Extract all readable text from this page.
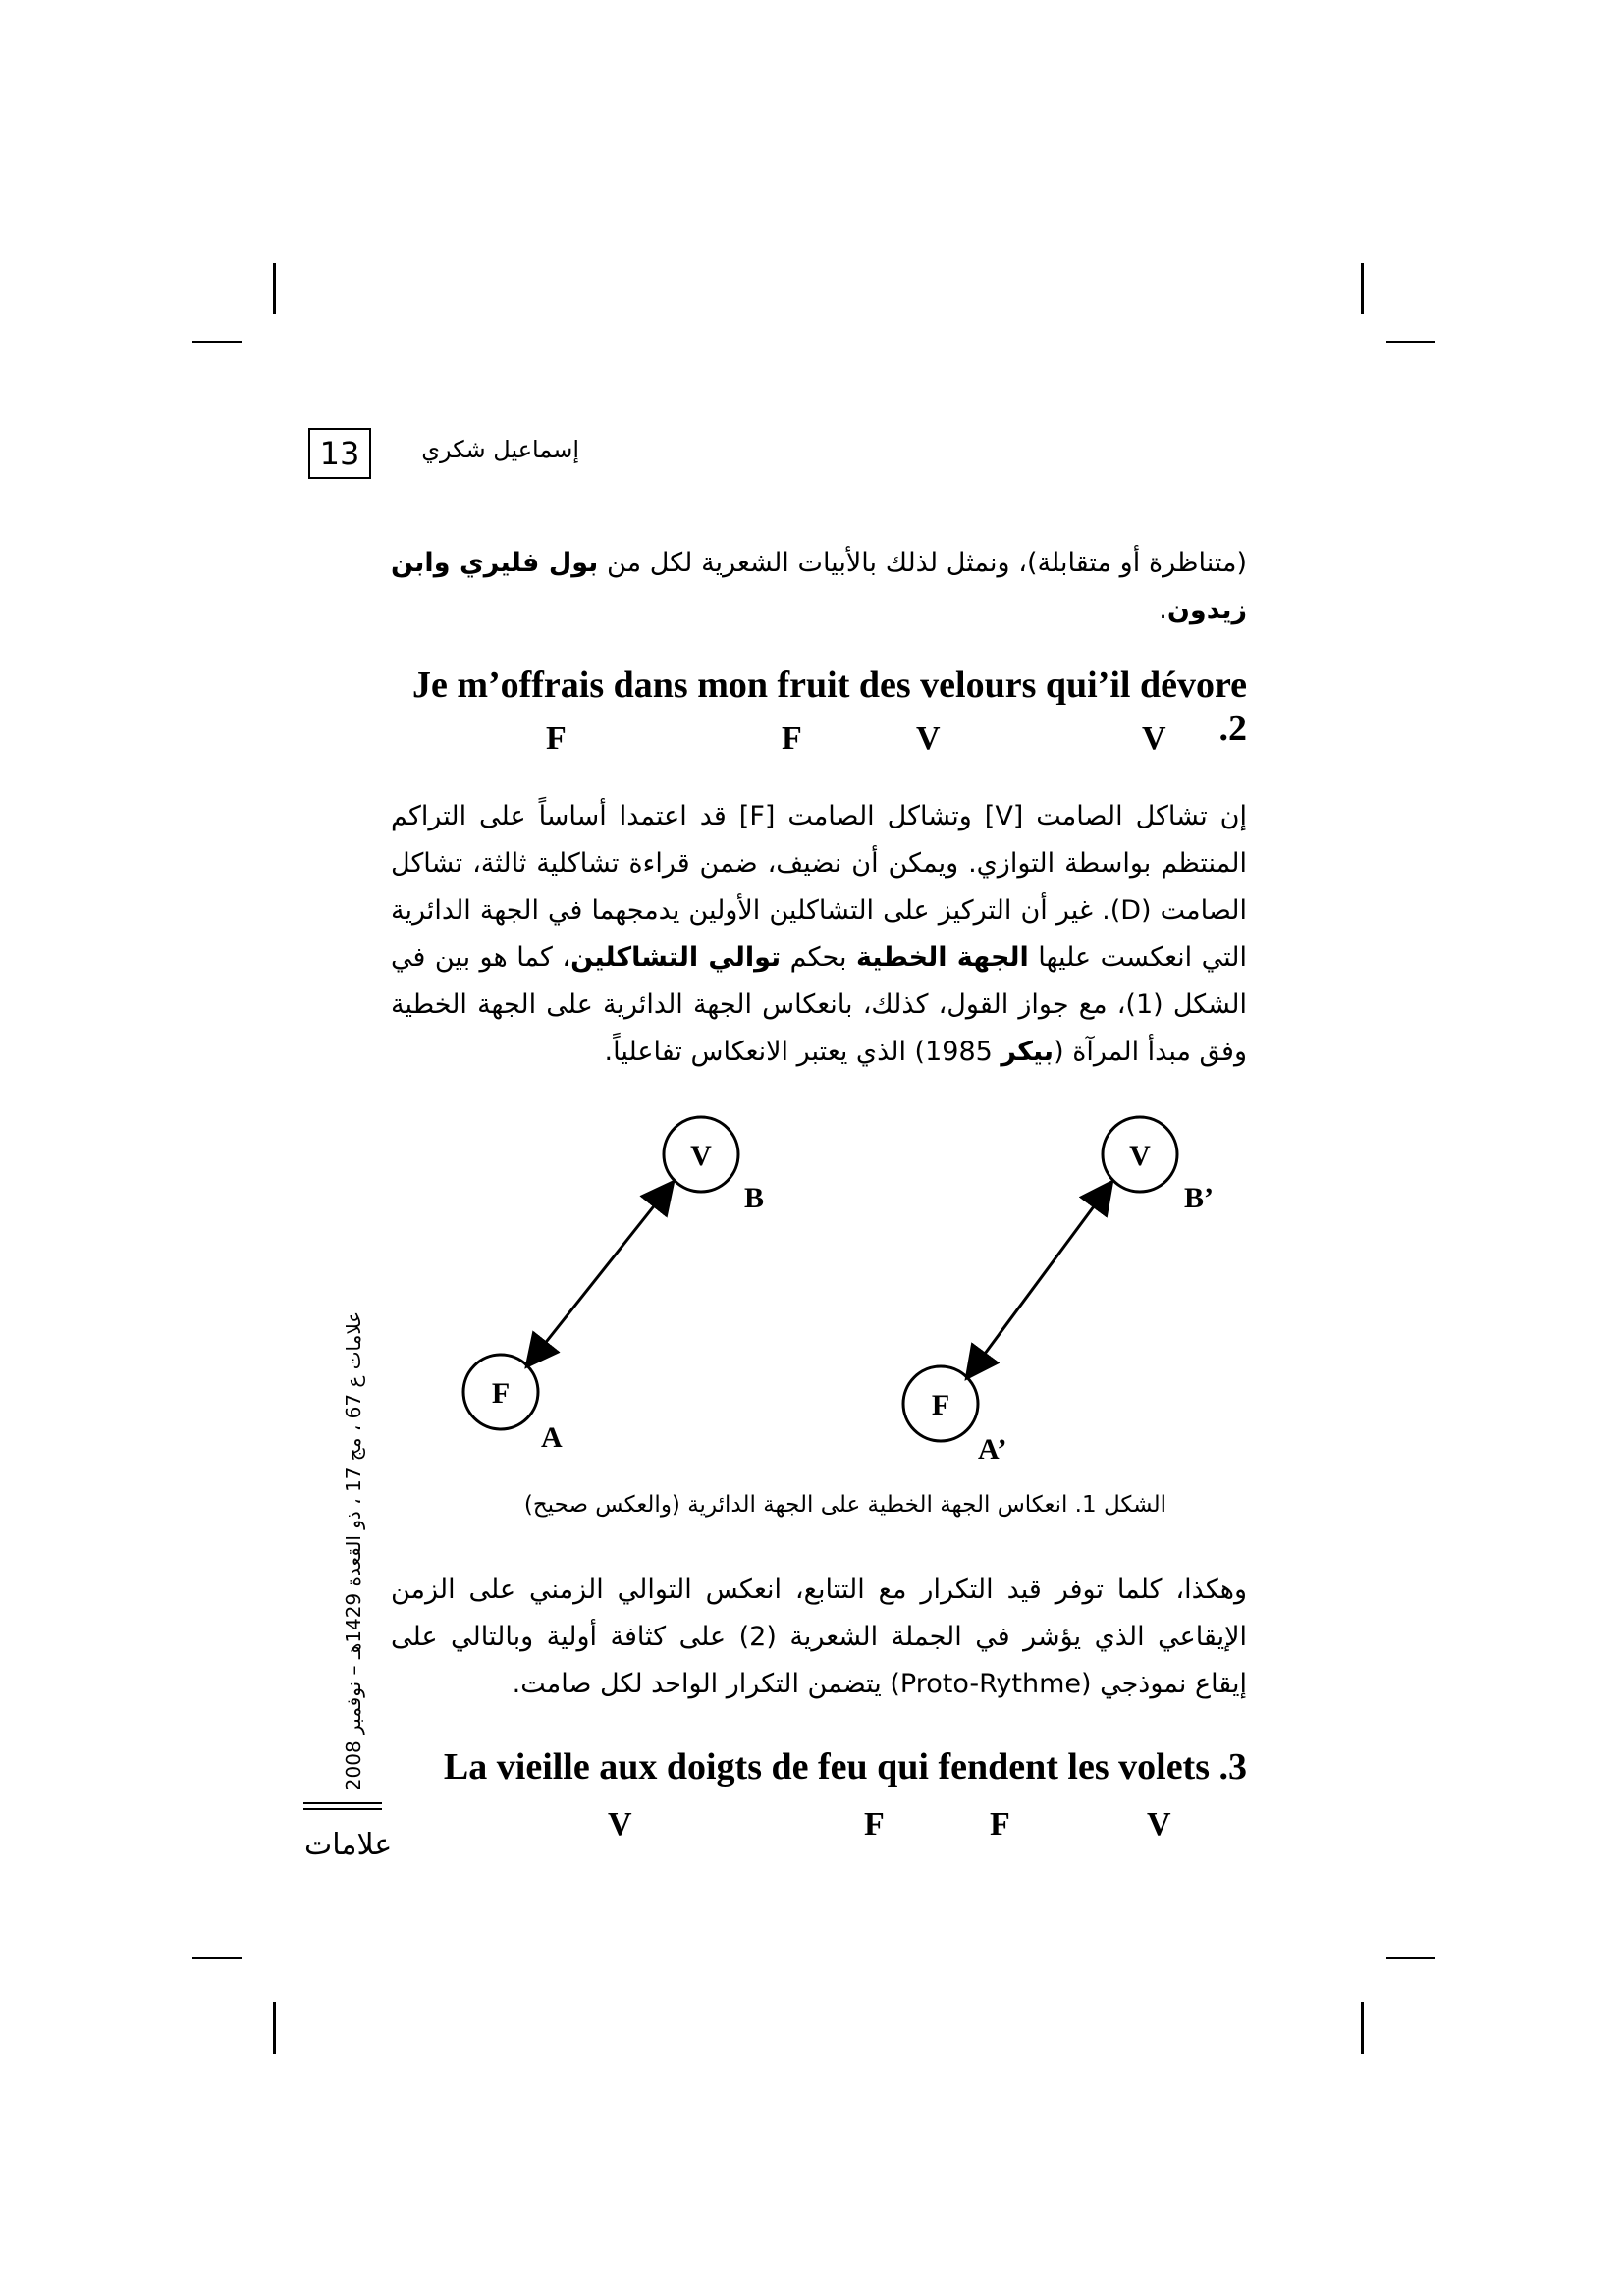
13	إسماعيل شكري
(متناظرة أو متقابلة)، ونمثل لذلك بالأبيات الشعرية لكل من بول فليري وابن زيدون.
Je m’offrais dans mon fruit des velours qui’il dévore .2
F	F	V	V
إن تشاكل الصامت [V] وتشاكل الصامت [F] قد اعتمدا أساساً على التراكم المنتظم بواسطة التوازي. ويمكن أن نضيف، ضمن قراءة تشاكلية ثالثة، تشاكل الصامت (D). غير أن التركيز على التشاكلين الأولين يدمجهما في الجهة الدائرية التي انعكست عليها الجهة الخطية بحكم توالي التشاكلين، كما هو بين في الشكل (1)، مع جواز القول، كذلك، بانعكاس الجهة الدائرية على الجهة الخطية وفق مبدأ المرآة (بيكر 1985) الذي يعتبر الانعكاس تفاعلياً.
V
B
F
A
V
B’
F
A’
الشكل 1. انعكاس الجهة الخطية على الجهة الدائرية (والعكس صحيح)
وهكذا، كلما توفر قيد التكرار مع التتابع، انعكس التوالي الزمني على الزمن الإيقاعي الذي يؤشر في الجملة الشعرية (2) على كثافة أولية وبالتالي على إيقاع نموذجي (Proto-Rythme) يتضمن التكرار الواحد لكل صامت.
La vieille aux doigts de feu qui fendent les volets .3
V	F	F	V
علامات ع 67 ، مج 17 ، ذو القعدة 1429هـ – نوفمبر 2008
علامات
